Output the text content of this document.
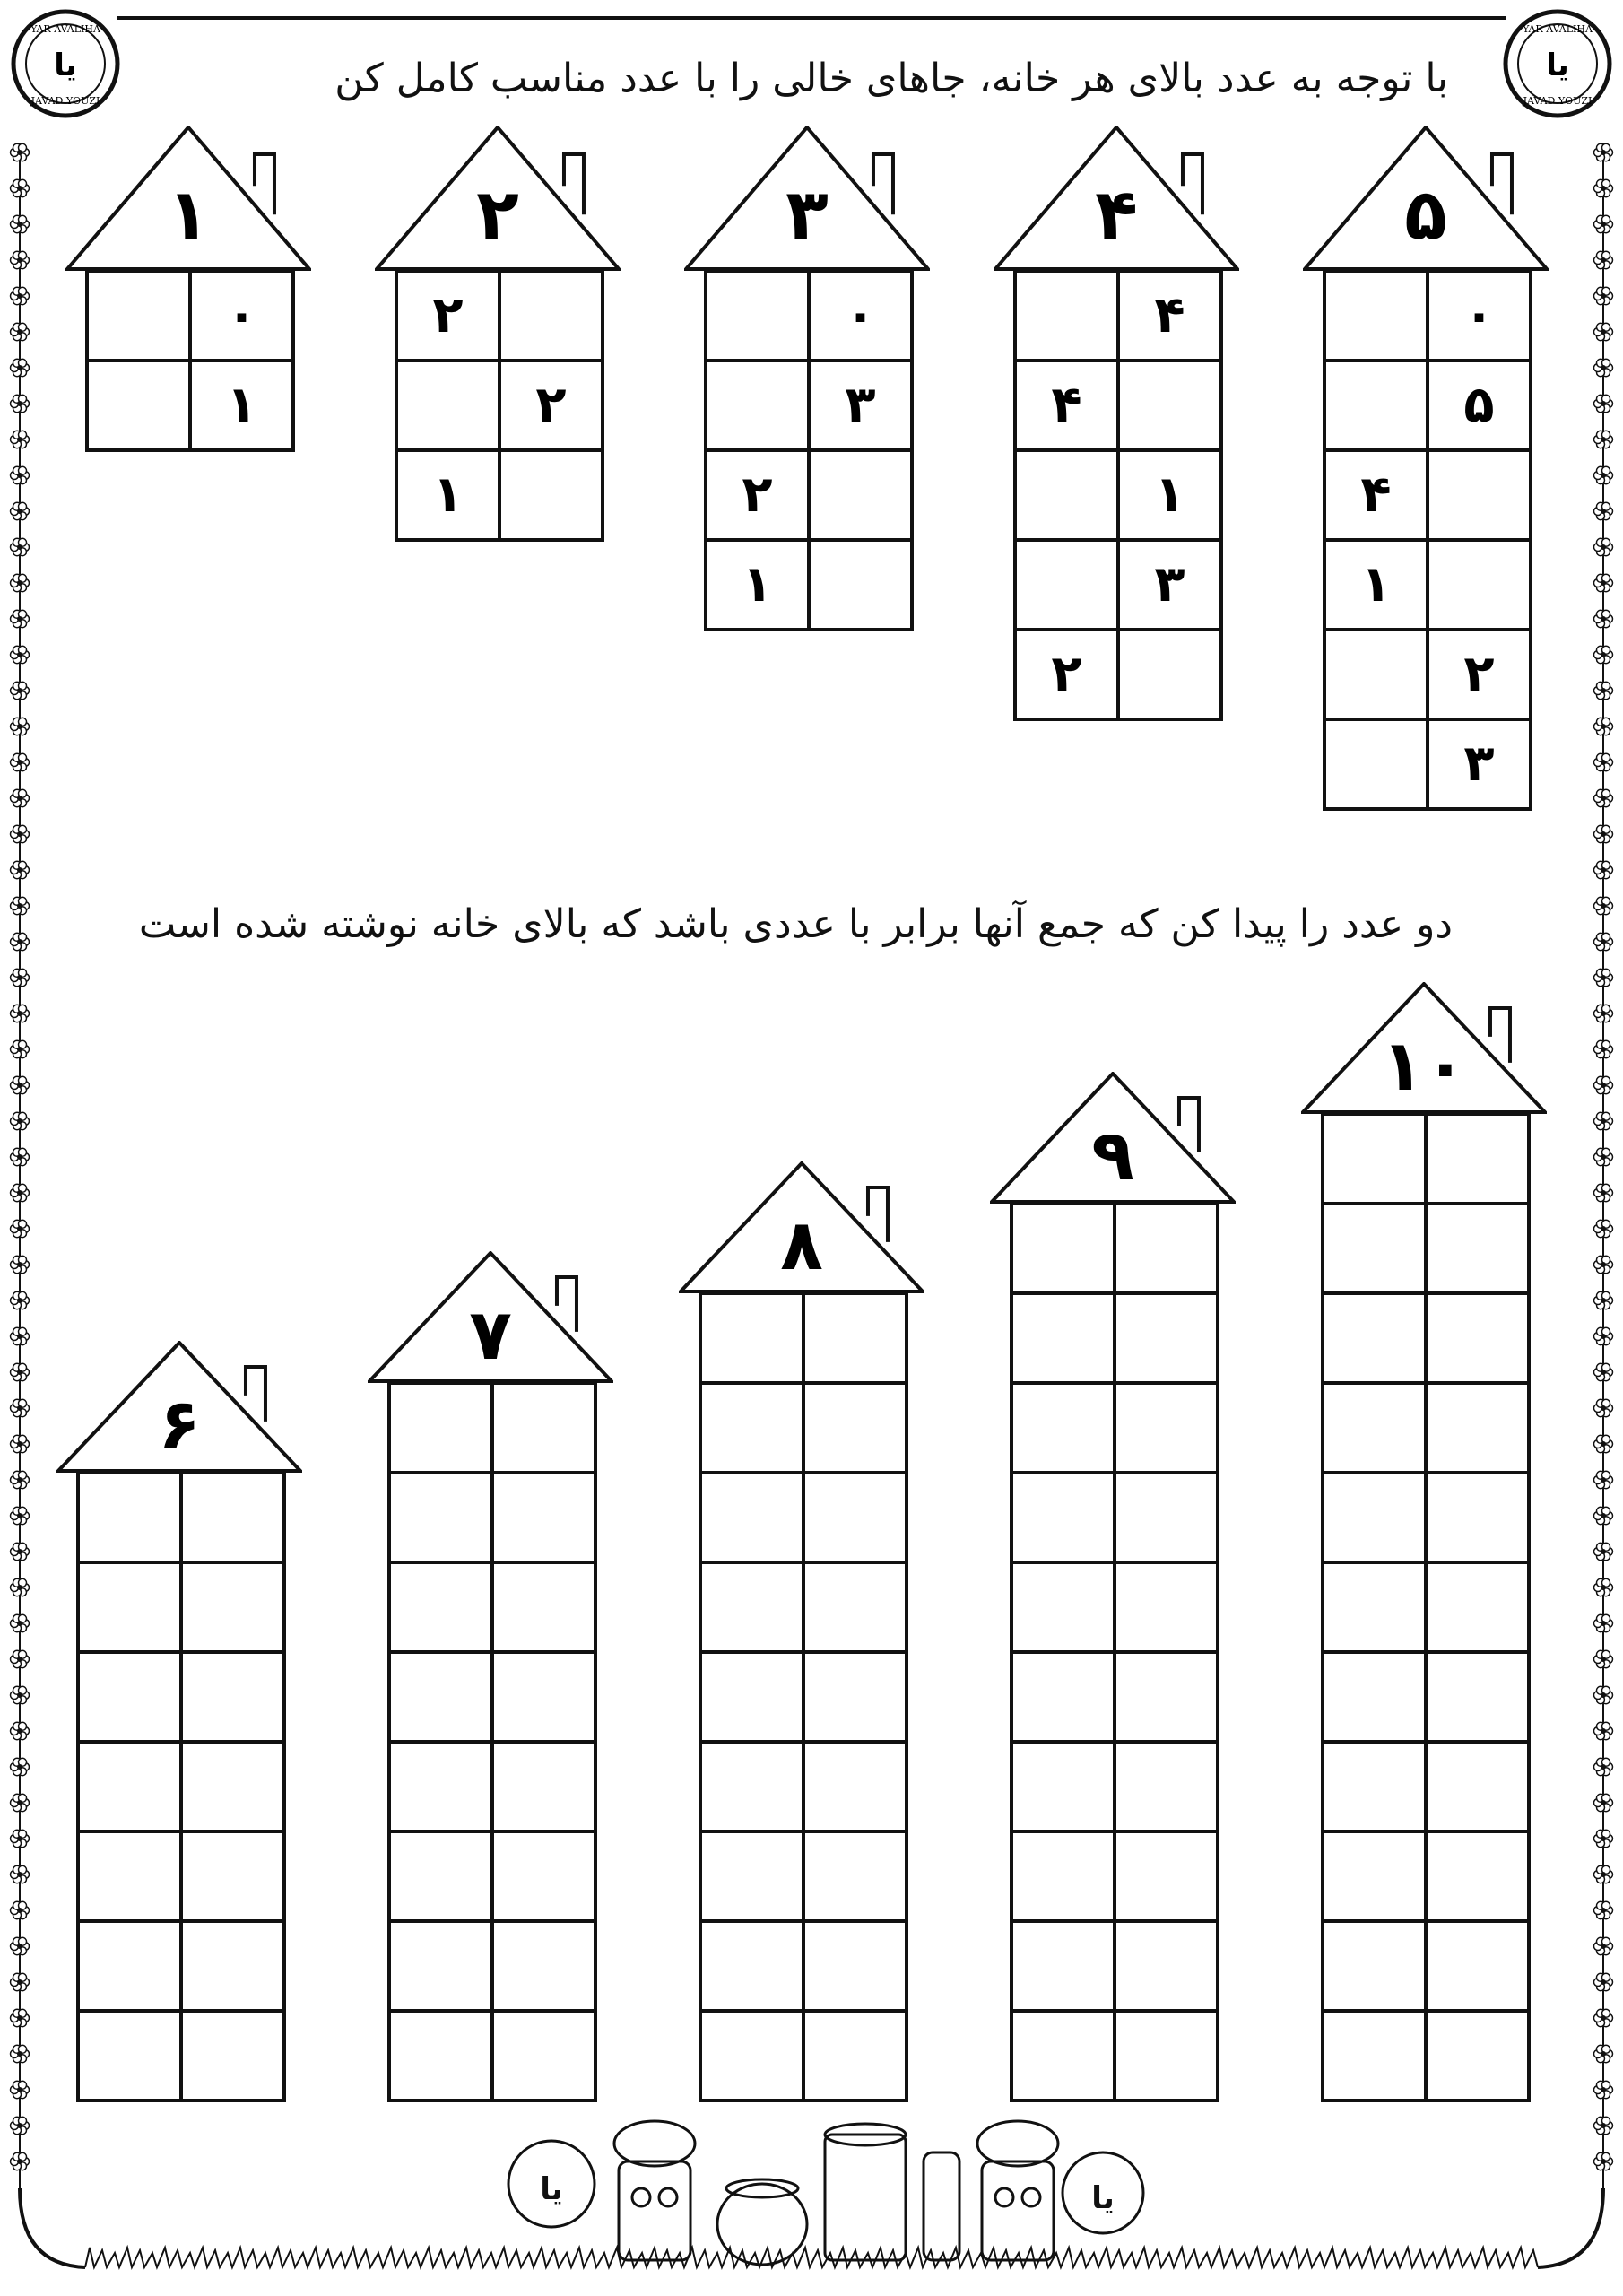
YAR AVALIHA
JAVAD YOUZI
یا
YAR AVALIHA
JAVAD YOUZI
یا
با توجه به عدد بالای هر خانه، جاهای خالی را با عدد مناسب کامل کن
دو عدد را پیدا کن که جمع آنها برابر با عددی باشد که بالای خانه نوشته شده است
۱
	۰
	۱
۲
۲	
	۲
۱	
۳
	۰
	۳
۲	
۱	
۴
	۴
۴	
	۱
	۳
۲	
۵
	۰
	۵
۴	
۱	
	۲
	۳
۶

۷

۸

۹

۱۰

یا	یا
